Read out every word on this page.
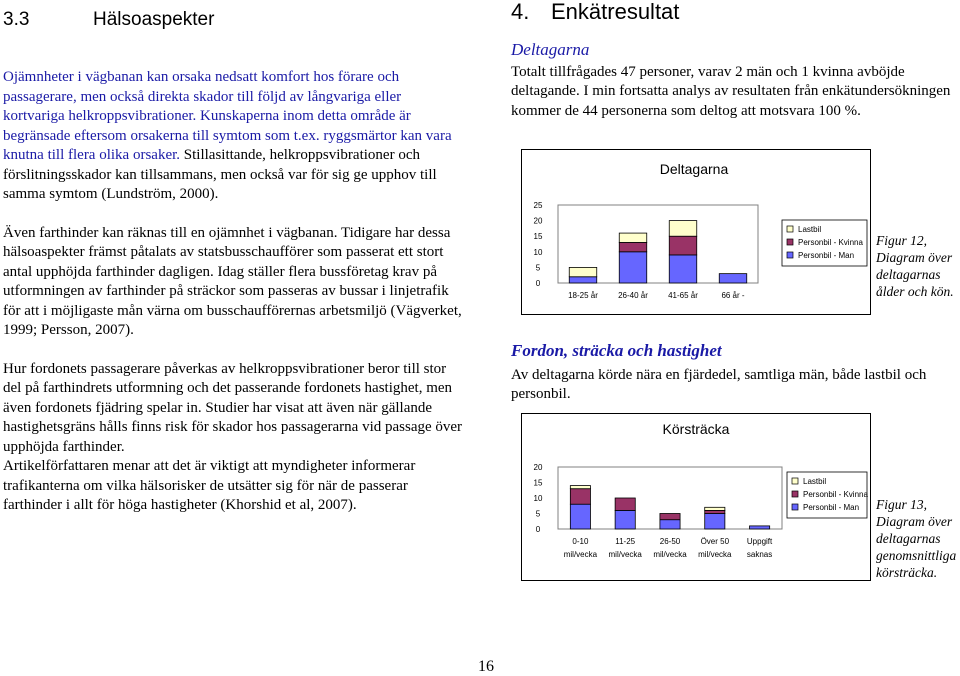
3.3	Hälsoaspekter

Ojämnheter i vägbanan kan orsaka nedsatt komfort hos förare och passagerare, men också direkta skador till följd av långvariga eller kortvariga helkroppsvibrationer. Kunskaperna inom detta område är begränsade eftersom orsakerna till symtom som t.ex. ryggsmärtor kan vara knutna till flera olika orsaker. Stillasittande, helkroppsvibrationer och förslitningsskador kan tillsammans, men också var för sig ge upphov till samma symtom (Lundström, 2000).

Även farthinder kan räknas till en ojämnhet i vägbanan. Tidigare har dessa hälsoaspekter främst påtalats av statsbusschaufförer som passerat ett stort antal upphöjda farthinder dagligen. Idag ställer flera bussföretag krav på utformningen av farthinder på sträckor som passeras av bussar i linjetrafik för att i möjligaste mån värna om busschaufförernas arbetsmiljö (Vägverket, 1999; Persson, 2007).

Hur fordonets passagerare påverkas av helkroppsvibrationer beror till stor del på farthindrets utformning och det passerande fordonets hastighet, men även fordonets fjädring spelar in. Studier har visat att även när gällande hastighetsgräns hålls finns risk för skador hos passagerarna vid passage över upphöjda farthinder.

Artikelförfattaren menar att det är viktigt att myndigheter informerar trafikanterna om vilka hälsorisker de utsätter sig för när de passerar farthinder i allt för höga hastigheter (Khorshid et al, 2007).

4. Enkätresultat
Deltagarna

Totalt tillfrågades 47 personer, varav 2 män och 1 kvinna avböjde deltagande. I min fortsatta analys av resultaten från enkätundersökningen kommer de 44 personerna som deltog att motsvara 100 %.

Fordon, sträcka och hastighet

Av deltagarna körde nära en fjärdedel, samtliga män, både lastbil och personbil.

Deltagarna
25
20
15
10
5
0
18-25 år	26-40 år	41-65 år	66 år -
Lastbil
Personbil - Kvinna
Personbil - Man
Figur 12,
Diagram över
deltagarnas
ålder och kön.
Körsträcka
20
15
10
5
0
0-10
mil/vecka
11-25
mil/vecka
26-50
mil/vecka
Över 50
mil/vecka
Uppgift
saknas
Lastbil
Personbil - Kvinna
Personbil - Man Figur 13,
Diagram över
deltagarnas
genomsnittliga
körsträcka.
16
